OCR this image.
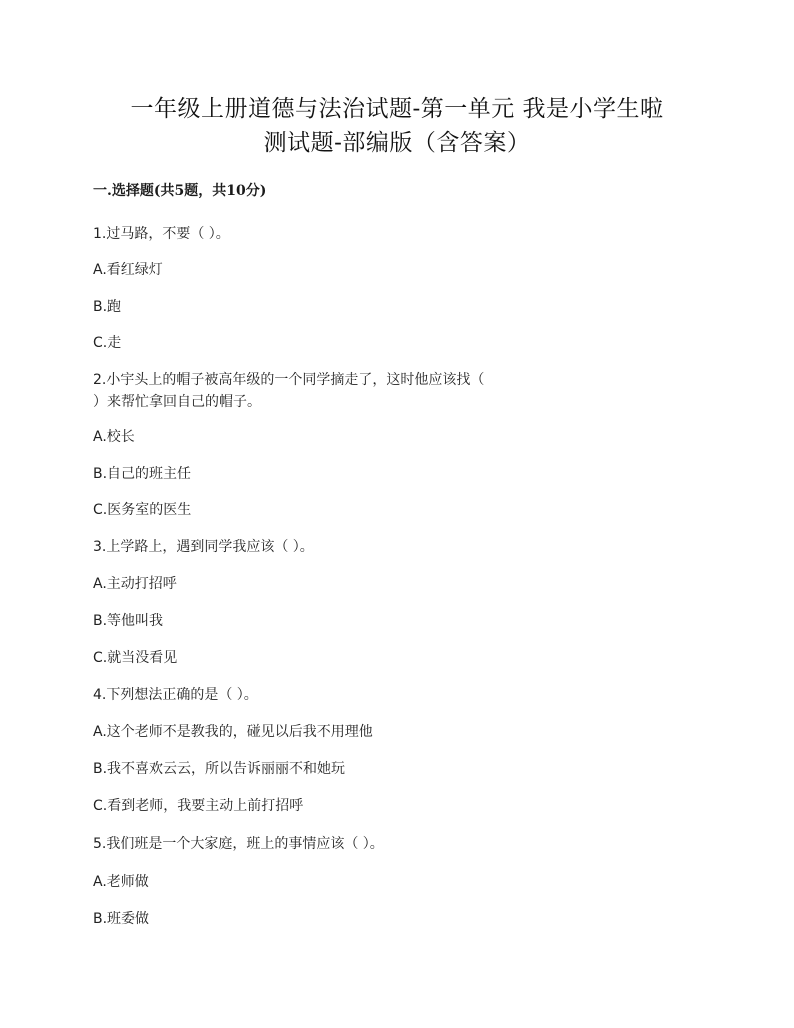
一年级上册道德与法治试题-第一单元 我是小学生啦
测试题-部编版（含答案）
一.选择题(共5题，共10分)
1.过马路，不要（ ）。
A.看红绿灯
B.跑
C.走
2.小宇头上的帽子被高年级的一个同学摘走了，这时他应该找（
）来帮忙拿回自己的帽子。
A.校长
B.自己的班主任
C.医务室的医生
3.上学路上，遇到同学我应该（ ）。
A.主动打招呼
B.等他叫我
C.就当没看见
4.下列想法正确的是（ ）。
A.这个老师不是教我的，碰见以后我不用理他
B.我不喜欢云云，所以告诉丽丽不和她玩
C.看到老师，我要主动上前打招呼
5.我们班是一个大家庭，班上的事情应该（ ）。
A.老师做
B.班委做
